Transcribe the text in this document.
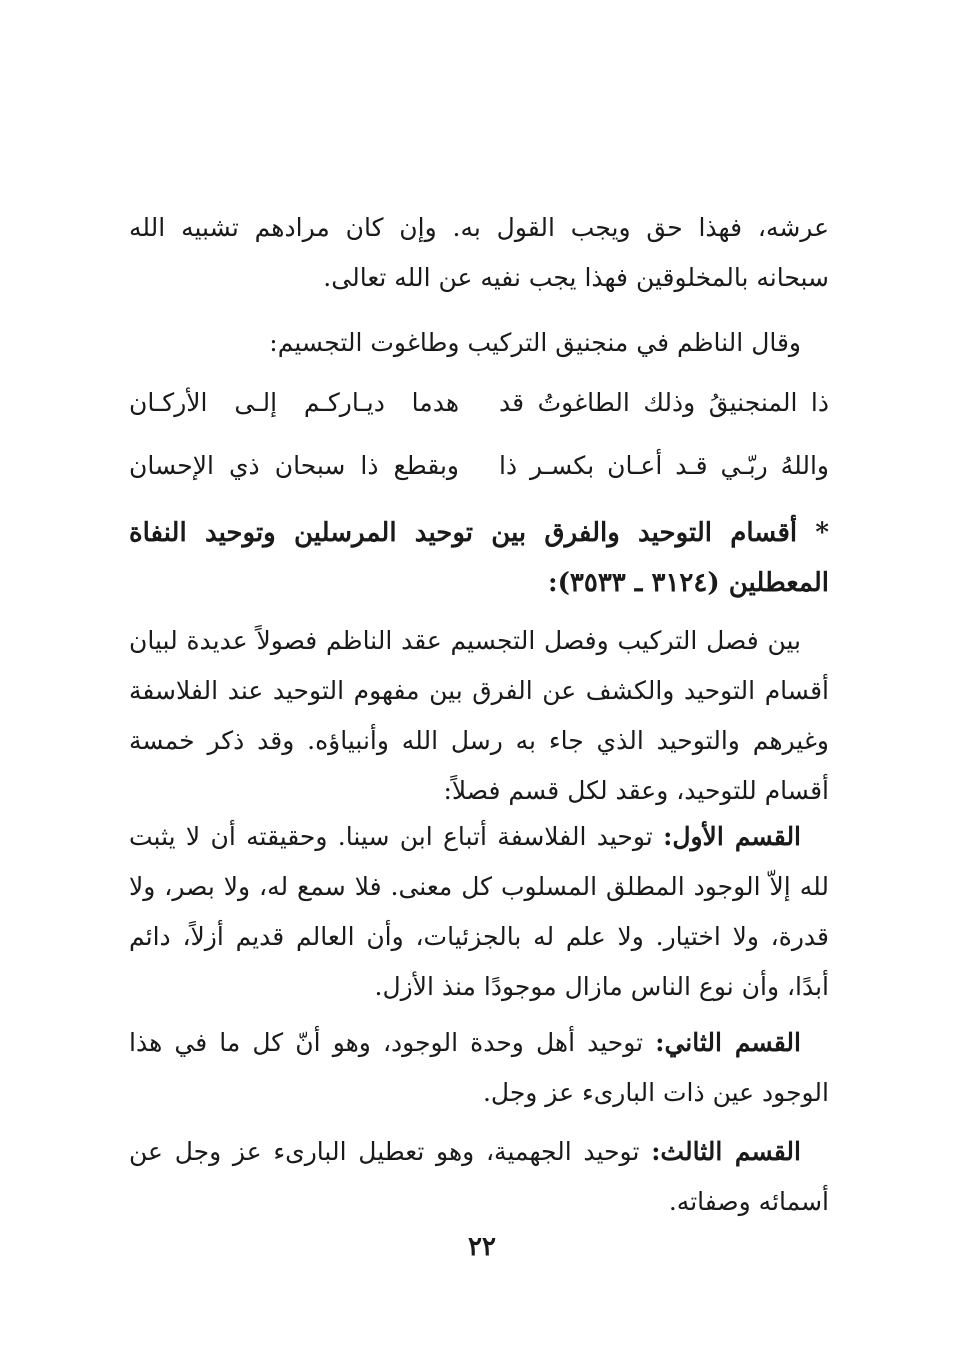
عرشه، فهذا حق ويجب القول به. وإن كان مرادهم تشبيه الله سبحانه بالمخلوقين فهذا يجب نفيه عن الله تعالى.

وقال الناظم في منجنيق التركيب وطاغوت التجسيم:

ذا المنجنيقُ وذلك الطاغوتُ قد
هدما ديـاركـم إلـى الأركـان
واللهُ ربّـي قـد أعـان بكسـر ذا
وبقطع ذا سبحان ذي الإحسان
* أقسام التوحيد والفرق بين توحيد المرسلين وتوحيد النفاة المعطلين (٣١٢٤ ـ ٣٥٣٣):

بين فصل التركيب وفصل التجسيم عقد الناظم فصولاً عديدة لبيان أقسام التوحيد والكشف عن الفرق بين مفهوم التوحيد عند الفلاسفة وغيرهم والتوحيد الذي جاء به رسل الله وأنبياؤه. وقد ذكر خمسة أقسام للتوحيد، وعقد لكل قسم فصلاً:

القسم الأول: توحيد الفلاسفة أتباع ابن سينا. وحقيقته أن لا يثبت لله إلاّ الوجود المطلق المسلوب كل معنى. فلا سمع له، ولا بصر، ولا قدرة، ولا اختيار. ولا علم له بالجزئيات، وأن العالم قديم أزلاً، دائم أبدًا، وأن نوع الناس مازال موجودًا منذ الأزل.

القسم الثاني: توحيد أهل وحدة الوجود، وهو أنّ كل ما في هذا الوجود عين ذات البارىء عز وجل.

القسم الثالث: توحيد الجهمية، وهو تعطيل البارىء عز وجل عن أسمائه وصفاته.

٢٢
